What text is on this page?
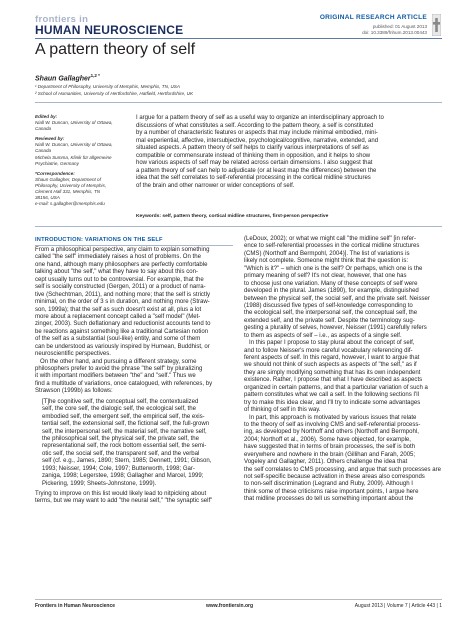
frontiers in
HUMAN NEUROSCIENCE
ORIGINAL RESEARCH ARTICLE
published: 01 August 2013
doi: 10.3389/fnhum.2013.00443
A pattern theory of self
Shaun Gallagher$^{1,2 *}$
¹ Department of Philosophy, University of Memphis, Memphis, TN, USA
² School of Humanities, University of Hertfordshire, Hatfield, Hertfordshire, UK
Edited by:
Niall W. Duncan, University of Ottawa,
Canada
Reviewed by:
Niall W. Duncan, University of Ottawa,
Canada
Michela Summa, Klinik für allgemeine
Psychiatrie, Germany
*Correspondence:
Shaun Gallagher, Department of
Philosophy, University of Memphis,
Clement Hall 331, Memphis, TN
38156, USA
e-mail: s.gallagher@memphis.edu
I argue for a pattern theory of self as a useful way to organize an interdisciplinary approach to
discussions of what constitutes a self. According to the pattern theory, a self is constituted
by a number of characteristic features or aspects that may include minimal embodied, mini-
mal experiential, affective, intersubjective, psychological/cognitive, narrative, extended, and
situated aspects. A pattern theory of self helps to clarify various interpretations of self as
compatible or commensurate instead of thinking them in opposition, and it helps to show
how various aspects of self may be related across certain dimensions. I also suggest that
a pattern theory of self can help to adjudicate (or at least map the differences) between the
idea that the self correlates to self-referential processing in the cortical midline structures
of the brain and other narrower or wider conceptions of self.
Keywords: self, pattern theory, cortical midline structures, first-person perspective
INTRODUCTION: VARIATIONS ON THE SELF
From a philosophical perspective, any claim to explain something
called "the self" immediately raises a host of problems. On the
one hand, although many philosophers are perfectly comfortable
talking about "the self," what they have to say about this con-
cept usually turns out to be controversial. For example, that the
self is socially constructed (Gergen, 2011) or a product of narra-
tive (Schechtman, 2011), and nothing more; that the self is strictly
minimal, on the order of 3 s in duration, and nothing more (Straw-
son, 1999a); that the self as such doesn't exist at all, plus a lot
more about a replacement concept called a "self model" (Met-
zinger, 2003). Such deflationary and reductionist accounts tend to
be reactions against something like a traditional Cartesian notion
of the self as a substantial (soul-like) entity, and some of them
can be understood as variously inspired by Humean, Buddhist, or
neuroscientific perspectives.
On the other hand, and pursuing a different strategy, some
philosophers prefer to avoid the phrase "the self" by pluralizing
it with important modifiers between "the" and "self." Thus we
find a multitude of variations, once catalogued, with references, by
Strawson (1999b) as follows:
[T]he cognitive self, the conceptual self, the contextualized
self, the core self, the dialogic self, the ecological self, the
embodied self, the emergent self, the empirical self, the exis-
tential self, the extensional self, the fictional self, the full-grown
self, the interpersonal self, the material self, the narrative self,
the philosophical self, the physical self, the private self, the
representational self, the rock bottom essential self, the semi-
otic self, the social self, the transparent self, and the verbal
self (cf. e.g., James, 1890; Stern, 1985; Dennett, 1991; Gibson,
1993; Neisser, 1994; Cole, 1997; Butterworth, 1998; Gar-
zaniga, 1998; Legerstee, 1998; Gallagher and Marcel, 1999;
Pickering, 1999; Sheets-Johnstone, 1999).
Trying to improve on this list would likely lead to nitpicking about
terms, but we may want to add "the neural self," "the synaptic self"
(LeDoux, 2002); or what we might call "the midline self" [in refer-
ence to self-referential processes in the cortical midline structures
(CMS) (Northoff and Bermpohl, 2004)]. The list of variations is
likely not complete. Someone might think that the question is:
"Which is it?" – which one is the self? Or perhaps, which one is the
primary meaning of self? It's not clear, however, that one has
to choose just one variation. Many of these concepts of self were
developed in the plural. James (1890), for example, distinguished
between the physical self, the social self, and the private self. Neisser
(1988) discussed five types of self-knowledge corresponding to
the ecological self, the interpersonal self, the conceptual self, the
extended self, and the private self. Despite the terminology sug-
gesting a plurality of selves, however, Neisser (1991) carefully refers
to them as aspects of self – i.e., as aspects of a single self.
In this paper I propose to stay plural about the concept of self,
and to follow Neisser's more careful vocabulary referencing dif-
ferent aspects of self. In this regard, however, I want to argue that
we should not think of such aspects as aspects of "the self," as if
they are simply modifying something that has its own independent
existence. Rather, I propose that what I have described as aspects
organized in certain patterns, and that a particular variation of such a
pattern constitutes what we call a self. In the following sections I'll
try to make this idea clear, and I'll try to indicate some advantages
of thinking of self in this way.
In part, this approach is motivated by various issues that relate
to the theory of self as involving CMS and self-referential process-
ing, as developed by Northoff and others (Northoff and Bermpohl,
2004; Northoff et al., 2006). Some have objected, for example,
have suggested that in terms of brain processes, the self is both
everywhere and nowhere in the brain (Gillihan and Farah, 2005;
Vogeley and Gallagher, 2011). Others challenge the idea that
the self correlates to CMS processing, and argue that such processes are
not self-specific because activation in these areas also corresponds
to non-self discrimination (Legrand and Ruby, 2009). Although I
think some of these criticisms raise important points, I argue here
that midline processes do tell us something important about the
Frontiers in Human Neuroscience	www.frontiersin.org	August 2013 | Volume 7 | Article 443 | 1
